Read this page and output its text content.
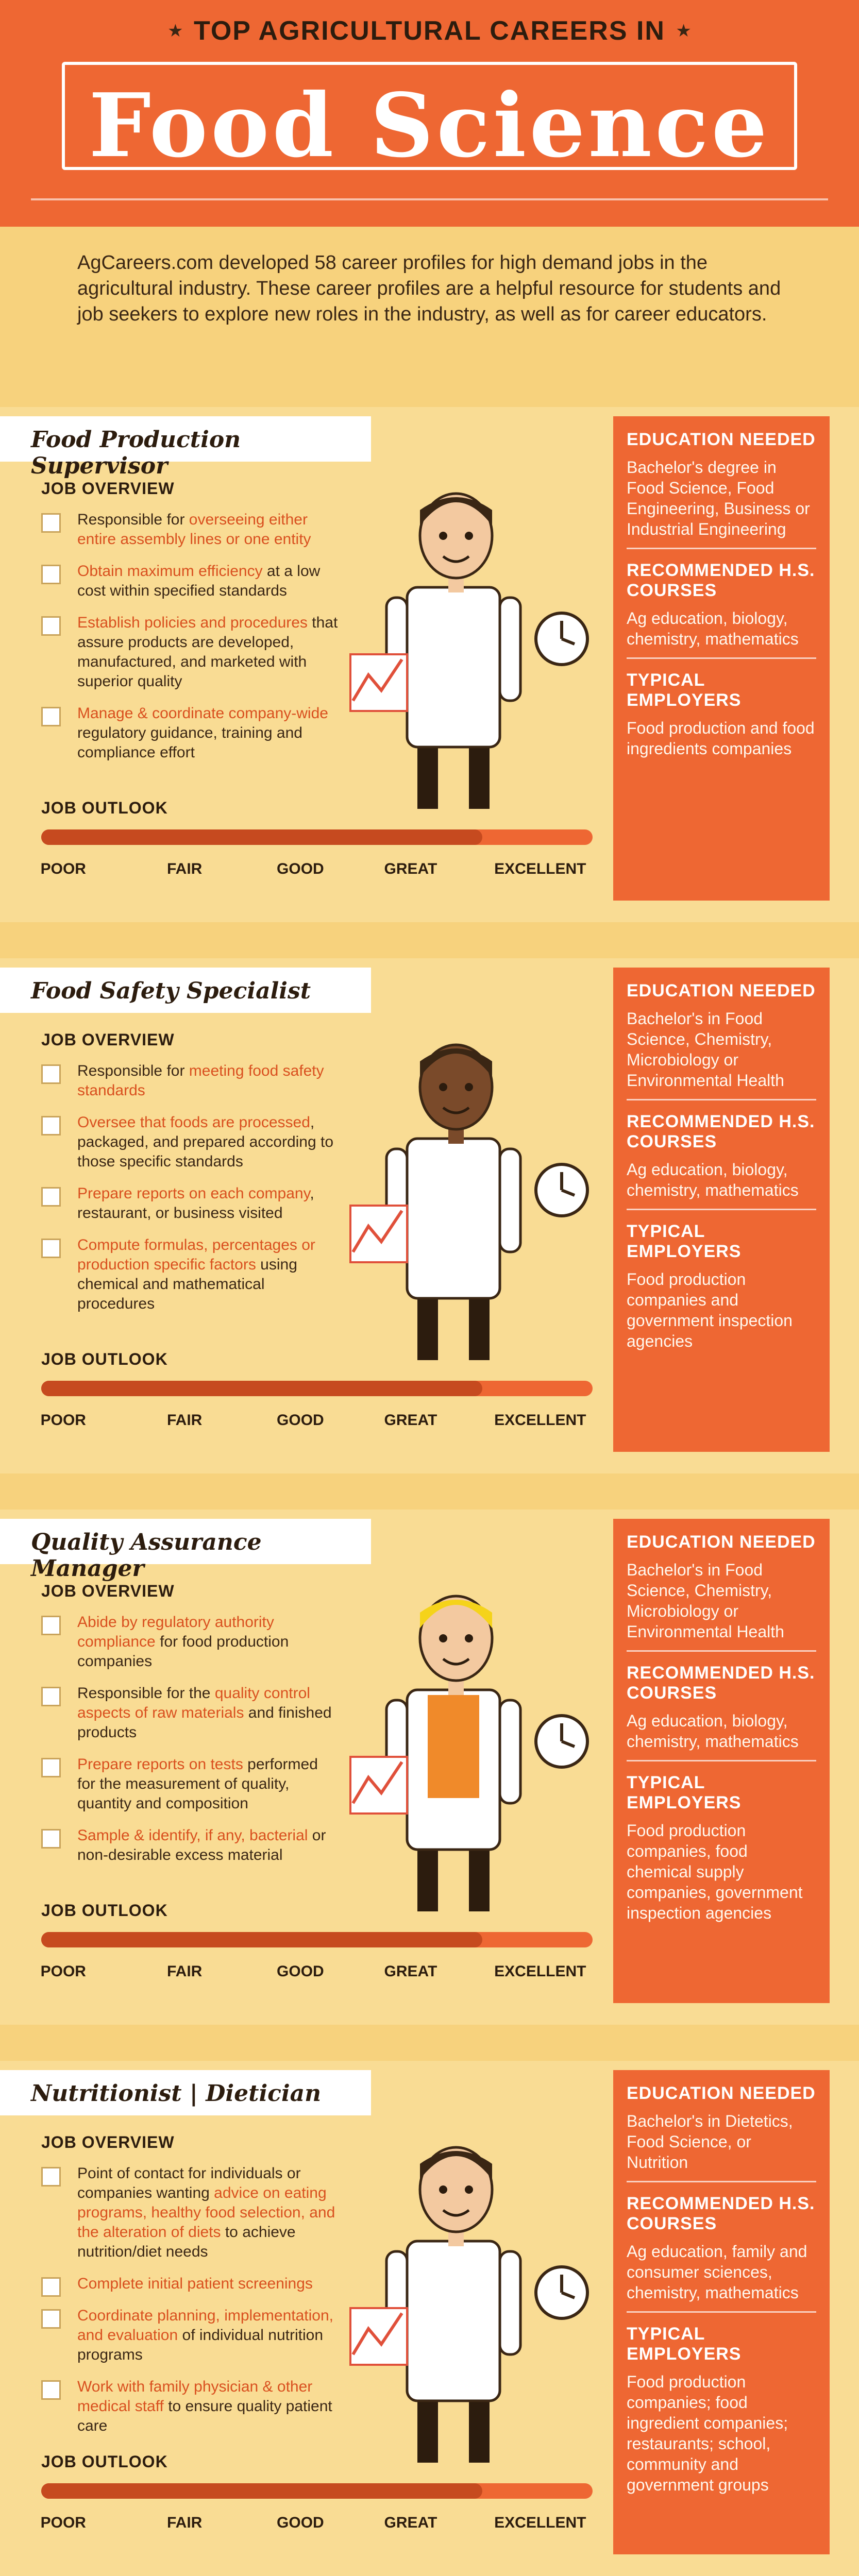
★ TOP AGRICULTURAL CAREERS IN ★
Food Science
AgCareers.com developed 58 career profiles for high demand jobs in the agricultural industry. These career profiles are a helpful resource for students and job seekers to explore new roles in the industry, as well as for career educators.
Food Production Supervisor
JOB OVERVIEW
Responsible for overseeing either entire assembly lines or one entity
Obtain maximum efficiency at a low cost within specified standards
Establish policies and procedures that assure products are developed, manufactured, and marketed with superior quality
Manage & coordinate company-wide regulatory guidance, training and compliance effort
JOB OUTLOOK
POOR	FAIR	GOOD	GREAT	EXCELLENT
EDUCATION NEEDED

Bachelor's degree in Food Science, Food Engineering, Business or Industrial Engineering

RECOMMENDED H.S. COURSES

Ag education, biology, chemistry, mathematics

TYPICAL EMPLOYERS

Food production and food ingredients companies

Food Safety Specialist
JOB OVERVIEW
Responsible for meeting food safety standards
Oversee that foods are processed, packaged, and prepared according to those specific standards
Prepare reports on each company, restaurant, or business visited
Compute formulas, percentages or production specific factors using chemical and mathematical procedures
JOB OUTLOOK
POOR	FAIR	GOOD	GREAT	EXCELLENT
EDUCATION NEEDED

Bachelor's in Food Science, Chemistry, Microbiology or Environmental Health

RECOMMENDED H.S. COURSES

Ag education, biology, chemistry, mathematics

TYPICAL EMPLOYERS

Food production companies and government inspection agencies

Quality Assurance Manager
JOB OVERVIEW
Abide by regulatory authority compliance for food production companies
Responsible for the quality control aspects of raw materials and finished products
Prepare reports on tests performed for the measurement of quality, quantity and composition
Sample & identify, if any, bacterial or non-desirable excess material
JOB OUTLOOK
POOR	FAIR	GOOD	GREAT	EXCELLENT
EDUCATION NEEDED

Bachelor's in Food Science, Chemistry, Microbiology or Environmental Health

RECOMMENDED H.S. COURSES

Ag education, biology, chemistry, mathematics

TYPICAL EMPLOYERS

Food production companies, food chemical supply companies, government inspection agencies

Nutritionist | Dietician
JOB OVERVIEW
Point of contact for individuals or companies wanting advice on eating programs, healthy food selection, and the alteration of diets to achieve nutrition/diet needs
Complete initial patient screenings
Coordinate planning, implementation, and evaluation of individual nutrition programs
Work with family physician & other medical staff to ensure quality patient care
JOB OUTLOOK
POOR	FAIR	GOOD	GREAT	EXCELLENT
EDUCATION NEEDED

Bachelor's in Dietetics, Food Science, or Nutrition

RECOMMENDED H.S. COURSES

Ag education, family and consumer sciences, chemistry, mathematics

TYPICAL EMPLOYERS

Food production companies; food ingredient companies; restaurants; school, community and government groups
